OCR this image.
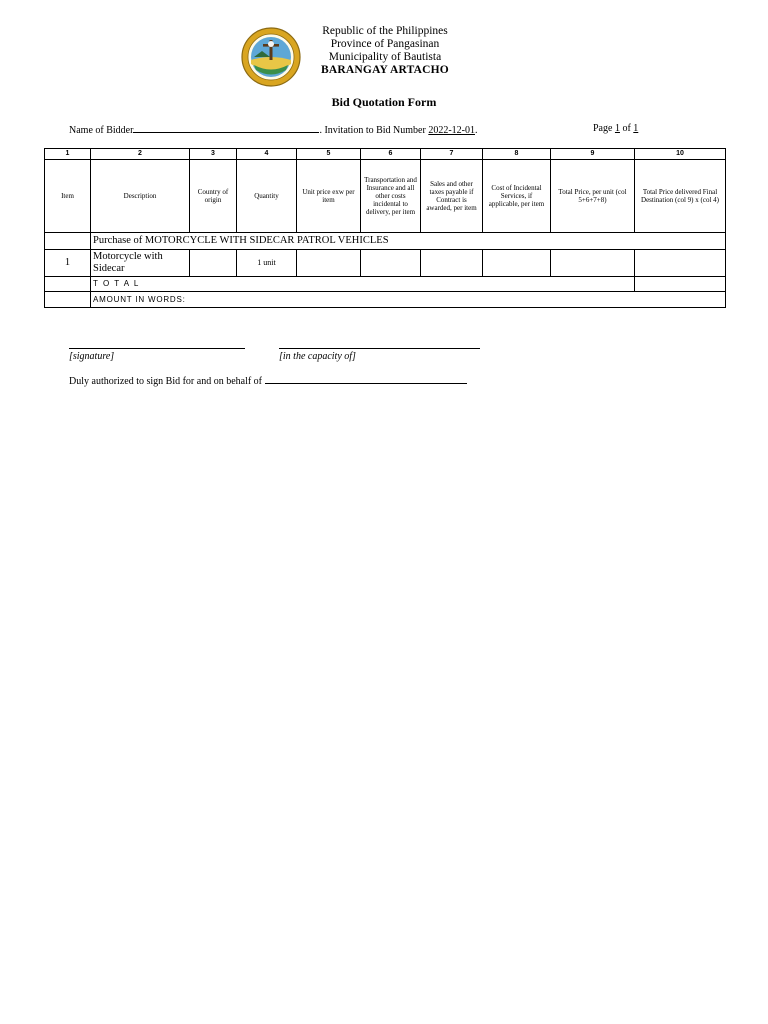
Republic of the Philippines
Province of Pangasinan
Municipality of Bautista
BARANGAY ARTACHO
Bid Quotation Form
Name of Bidder	. Invitation to Bid Number 2022-12-01.	Page 1 of 1
1	2	3	4	5	6	7	8	9	10
Item	Description	Country of origin	Quantity	Unit price exw per item	Transportation and Insurance and all other costs incidental to delivery, per item	Sales and other taxes payable if Contract is awarded, per item	Cost of Incidental Services, if applicable, per item	Total Price, per unit (col 5+6+7+8)	Total Price delivered Final Destination (col 9) x (col 4)
	Purchase of MOTORCYCLE WITH SIDECAR PATROL VEHICLES								
1	Motorcycle with Sidecar		1 unit						
	T O T A L								
	AMOUNT IN WORDS:								
[signature]	[in the capacity of]
Duly authorized to sign Bid for and on behalf of
